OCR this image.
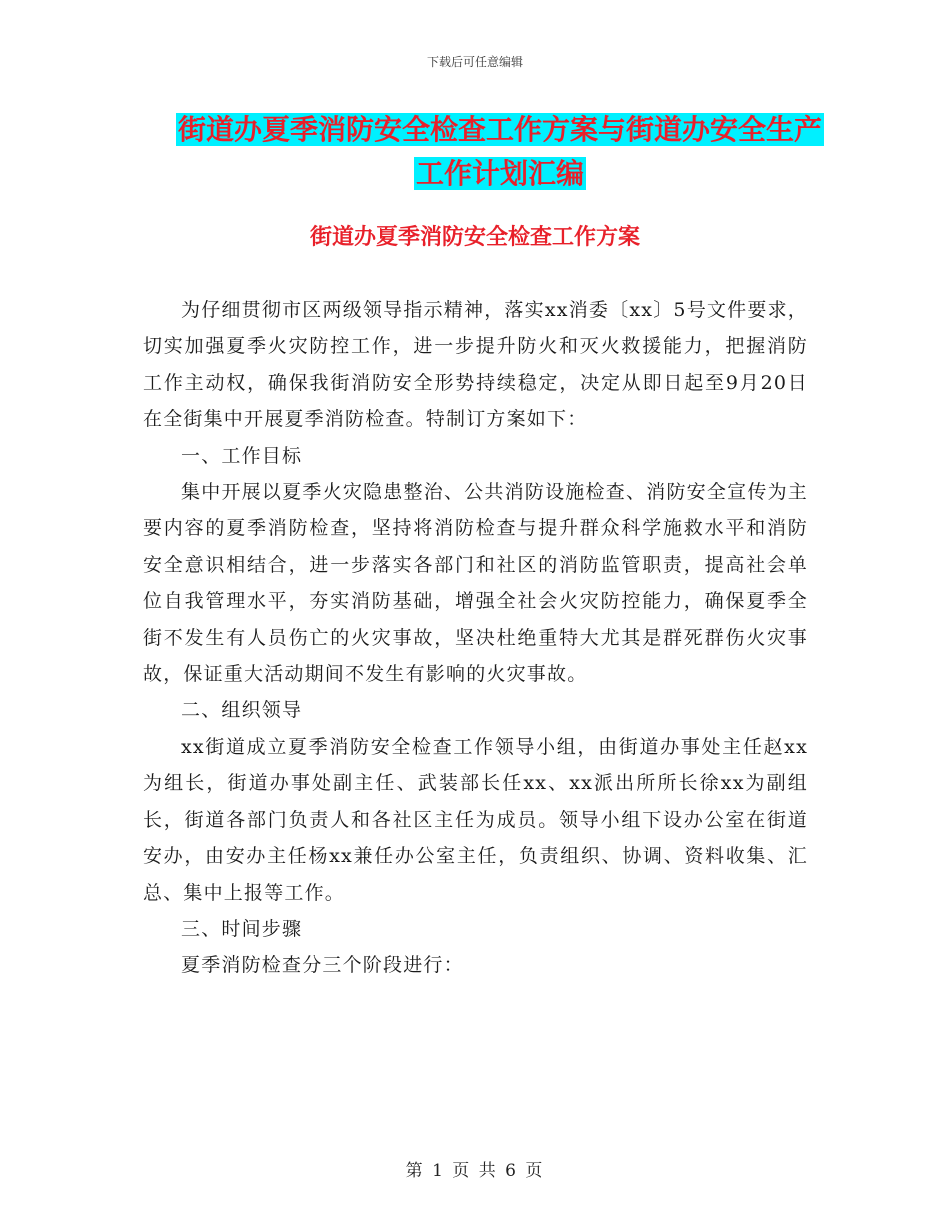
下载后可任意编辑
街道办夏季消防安全检查工作方案与街道办安全生产
工作计划汇编
街道办夏季消防安全检查工作方案

为仔细贯彻市区两级领导指示精神，落实xx消委〔xx〕5号文件要求，切实加强夏季火灾防控工作，进一步提升防火和灭火救援能力，把握消防工作主动权，确保我街消防安全形势持续稳定，决定从即日起至9月20日在全街集中开展夏季消防检查。特制订方案如下：

一、工作目标

集中开展以夏季火灾隐患整治、公共消防设施检查、消防安全宣传为主要内容的夏季消防检查，坚持将消防检查与提升群众科学施救水平和消防安全意识相结合，进一步落实各部门和社区的消防监管职责，提高社会单位自我管理水平，夯实消防基础，增强全社会火灾防控能力，确保夏季全街不发生有人员伤亡的火灾事故，坚决杜绝重特大尤其是群死群伤火灾事故，保证重大活动期间不发生有影响的火灾事故。

二、组织领导

xx街道成立夏季消防安全检查工作领导小组，由街道办事处主任赵xx为组长，街道办事处副主任、武装部长任xx、xx派出所所长徐xx为副组长，街道各部门负责人和各社区主任为成员。领导小组下设办公室在街道安办，由安办主任杨xx兼任办公室主任，负责组织、协调、资料收集、汇总、集中上报等工作。

三、时间步骤

夏季消防检查分三个阶段进行：

第 1 页 共 6 页
